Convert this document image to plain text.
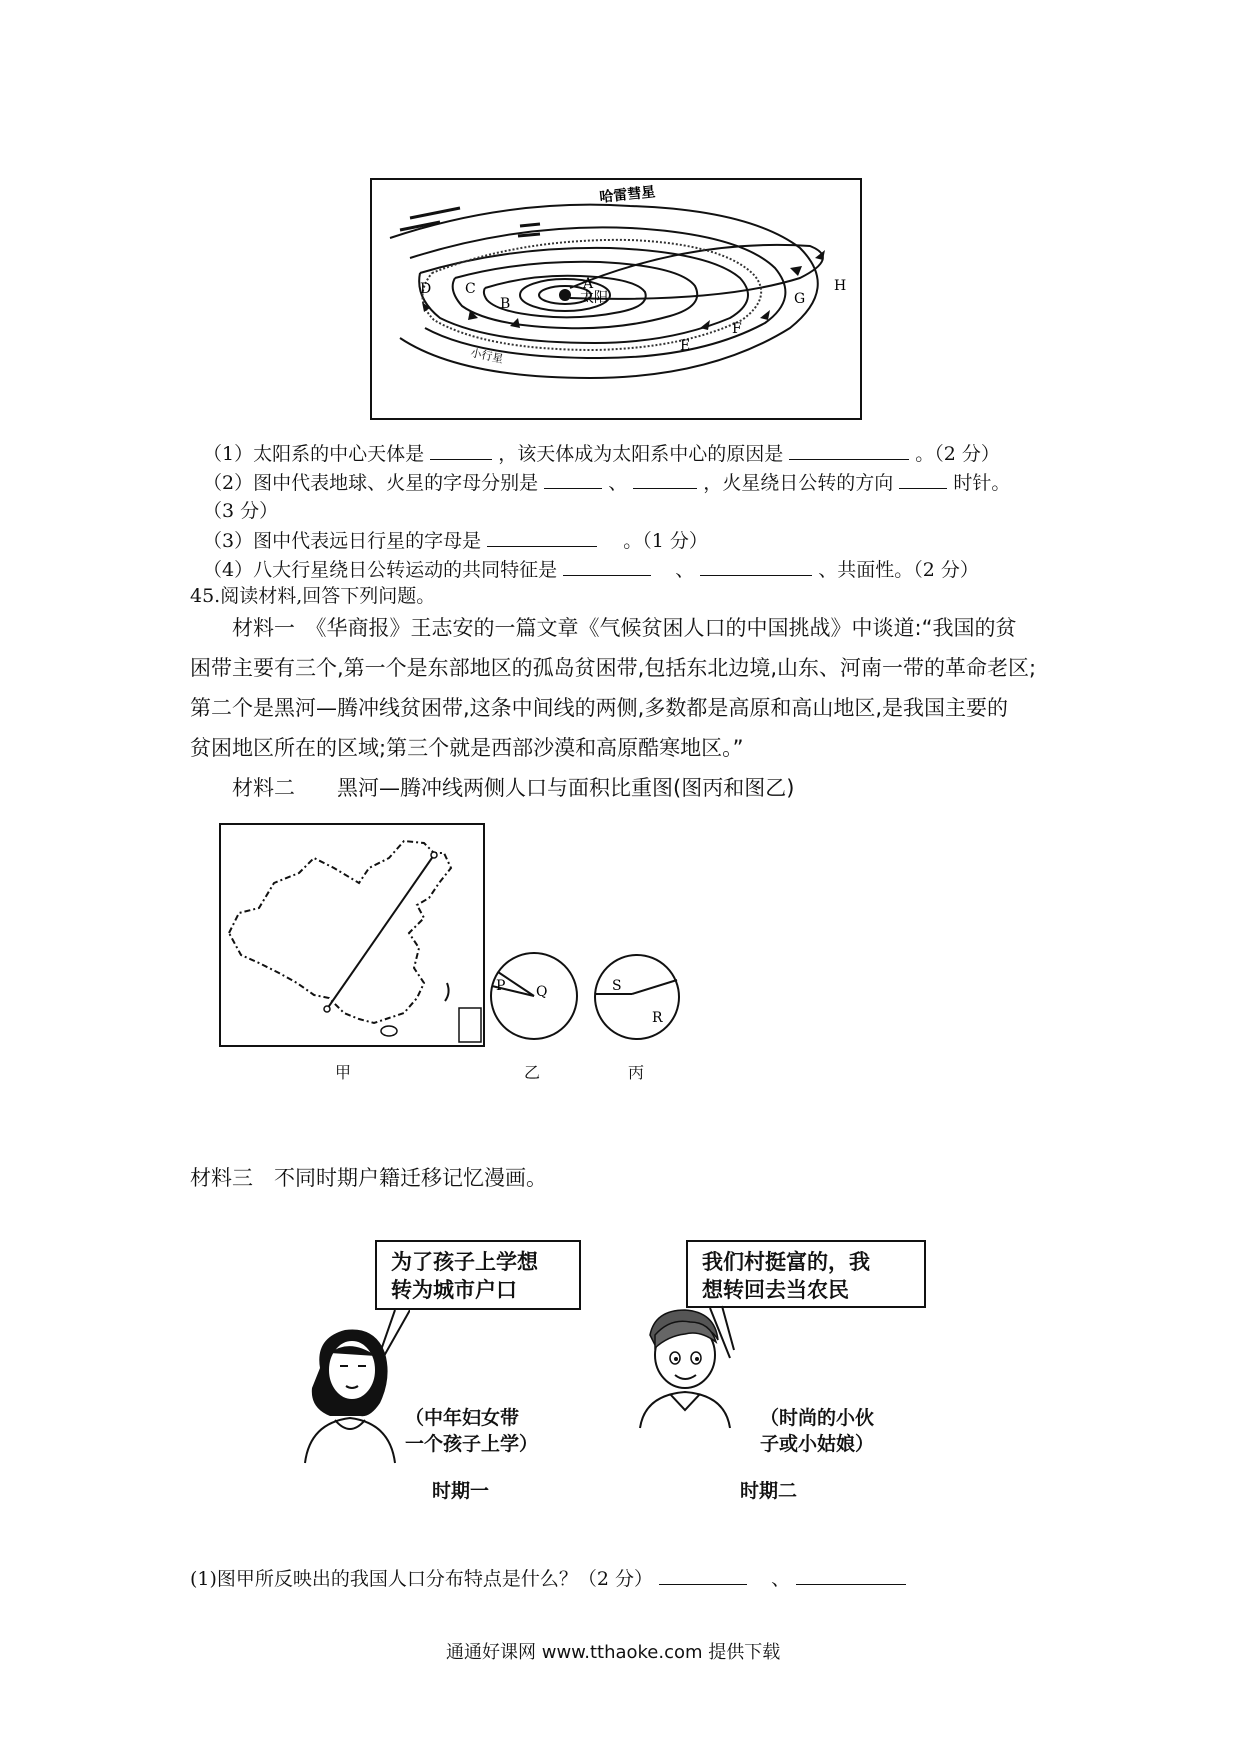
哈雷彗星
太阳
小行星
A
B
C
D
E
F
G
H
（1）太阳系的中心天体是	，该天体成为太阳系中心的原因是	。（2 分）
（2）图中代表地球、火星的字母分别是	、	，火星绕日公转的方向	时针。
（3 分）
（3）图中代表远日行星的字母是	。（1 分）
（4）八大行星绕日公转运动的共同特征是	、	、共面性。（2 分）
45.阅读材料,回答下列问题。
材料一　《华商报》王志安的一篇文章《气候贫困人口的中国挑战》中谈道:“我国的贫
困带主要有三个,第一个是东部地区的孤岛贫困带,包括东北边境,山东、河南一带的革命老区;
第二个是黑河—腾冲线贫困带,这条中间线的两侧,多数都是高原和高山地区,是我国主要的
贫困地区所在的区域;第三个就是西部沙漠和高原酷寒地区。”
材料二　　黑河—腾冲线两侧人口与面积比重图(图丙和图乙)
甲
P Q
乙
S
R
丙
材料三　不同时期户籍迁移记忆漫画。
为了孩子上学想
转为城市户口
我们村挺富的，我
想转回去当农民
（中年妇女带
一个孩子上学）
（时尚的小伙
子或小姑娘）
时期一	时期二
(1)图甲所反映出的我国人口分布特点是什么？（2 分）	、
通通好课网 www.tthaoke.com 提供下载
